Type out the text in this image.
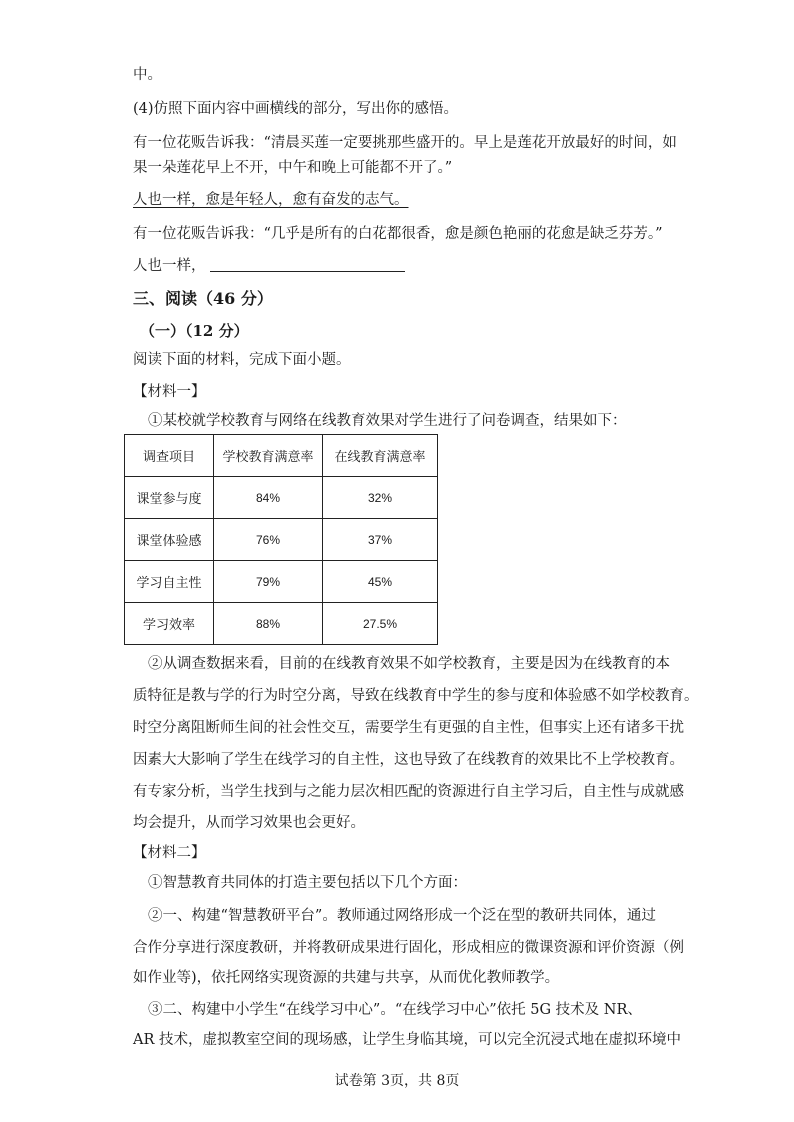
中。
(4)仿照下面内容中画横线的部分，写出你的感悟。
有一位花贩告诉我：“清晨买莲一定要挑那些盛开的。早上是莲花开放最好的时间，如
果一朵莲花早上不开，中午和晚上可能都不开了。”
人也一样，愈是年轻人，愈有奋发的志气。
有一位花贩告诉我：“几乎是所有的白花都很香，愈是颜色艳丽的花愈是缺乏芬芳。”
人也一样，
三、阅读（46 分）
（一）（12 分）
阅读下面的材料，完成下面小题。
【材料一】
①某校就学校教育与网络在线教育效果对学生进行了问卷调查，结果如下：
调查项目	学校教育满意率	在线教育满意率
课堂参与度	84%	32%
课堂体验感	76%	37%
学习自主性	79%	45%
学习效率	88%	27.5%
②从调查数据来看，目前的在线教育效果不如学校教育，主要是因为在线教育的本
质特征是教与学的行为时空分离，导致在线教育中学生的参与度和体验感不如学校教育。
时空分离阻断师生间的社会性交互，需要学生有更强的自主性，但事实上还有诸多干扰
因素大大影响了学生在线学习的自主性，这也导致了在线教育的效果比不上学校教育。
有专家分析，当学生找到与之能力层次相匹配的资源进行自主学习后，自主性与成就感
均会提升，从而学习效果也会更好。
【材料二】
①智慧教育共同体的打造主要包括以下几个方面：
②一、构建“智慧教研平台”。教师通过网络形成一个泛在型的教研共同体，通过
合作分享进行深度教研，并将教研成果进行固化，形成相应的微课资源和评价资源（例
如作业等)，依托网络实现资源的共建与共享，从而优化教师教学。
③二、构建中小学生“在线学习中心”。“在线学习中心”依托 5G 技术及 NR、
AR 技术，虚拟教室空间的现场感，让学生身临其境，可以完全沉浸式地在虚拟环境中
试卷第 3页，共 8页
